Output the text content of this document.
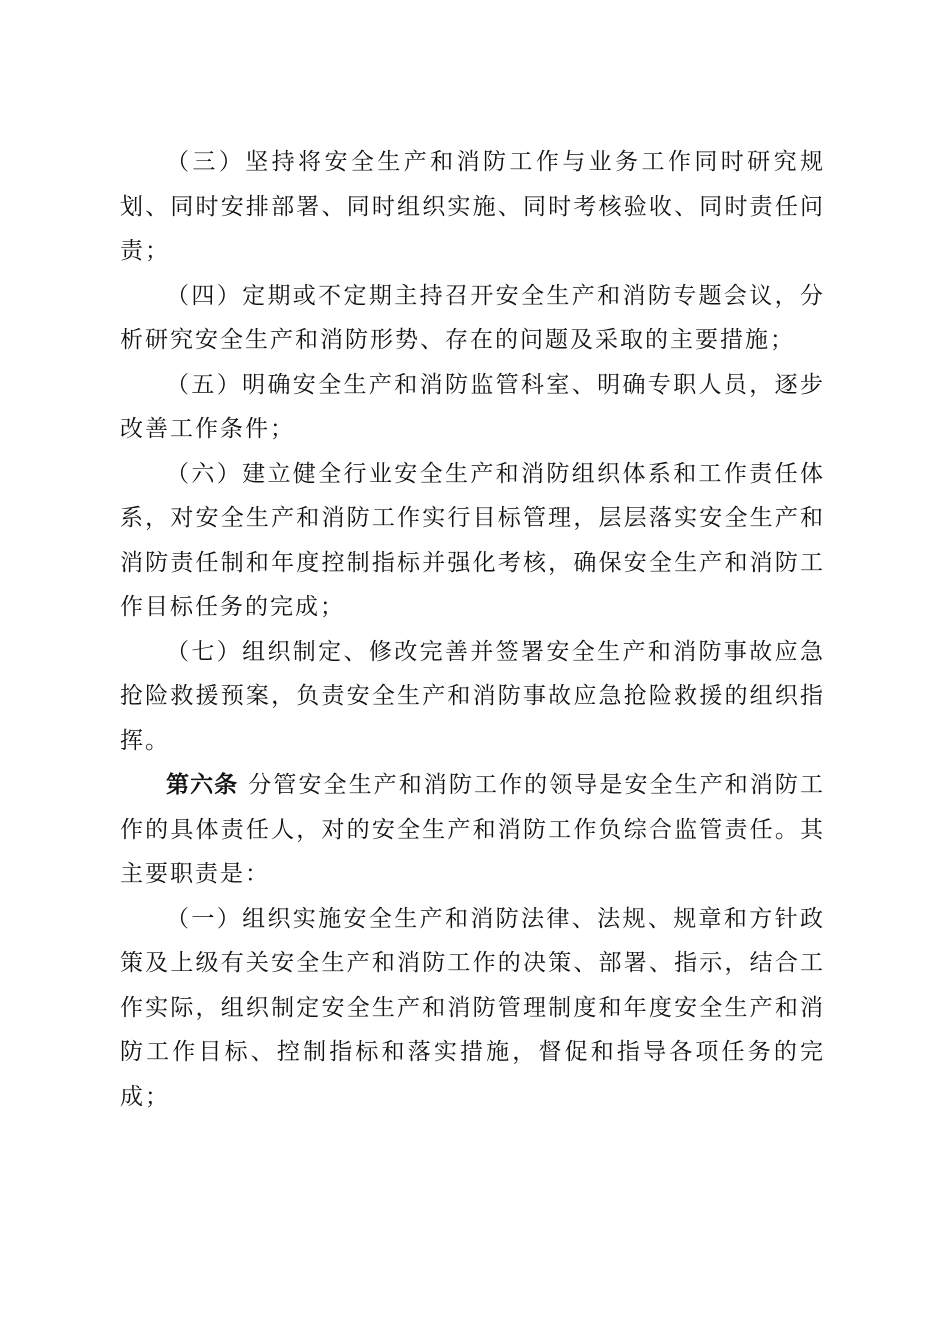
（三）坚持将安全生产和消防工作与业务工作同时研究规划、同时安排部署、同时组织实施、同时考核验收、同时责任问责；

（四）定期或不定期主持召开安全生产和消防专题会议，分析研究安全生产和消防形势、存在的问题及采取的主要措施；

（五）明确安全生产和消防监管科室、明确专职人员，逐步改善工作条件；

（六）建立健全行业安全生产和消防组织体系和工作责任体系，对安全生产和消防工作实行目标管理，层层落实安全生产和消防责任制和年度控制指标并强化考核，确保安全生产和消防工作目标任务的完成；

（七）组织制定、修改完善并签署安全生产和消防事故应急抢险救援预案，负责安全生产和消防事故应急抢险救援的组织指挥。

第六条 分管安全生产和消防工作的领导是安全生产和消防工作的具体责任人，对的安全生产和消防工作负综合监管责任。其主要职责是：

（一）组织实施安全生产和消防法律、法规、规章和方针政策及上级有关安全生产和消防工作的决策、部署、指示，结合工作实际，组织制定安全生产和消防管理制度和年度安全生产和消防工作目标、控制指标和落实措施，督促和指导各项任务的完成；
